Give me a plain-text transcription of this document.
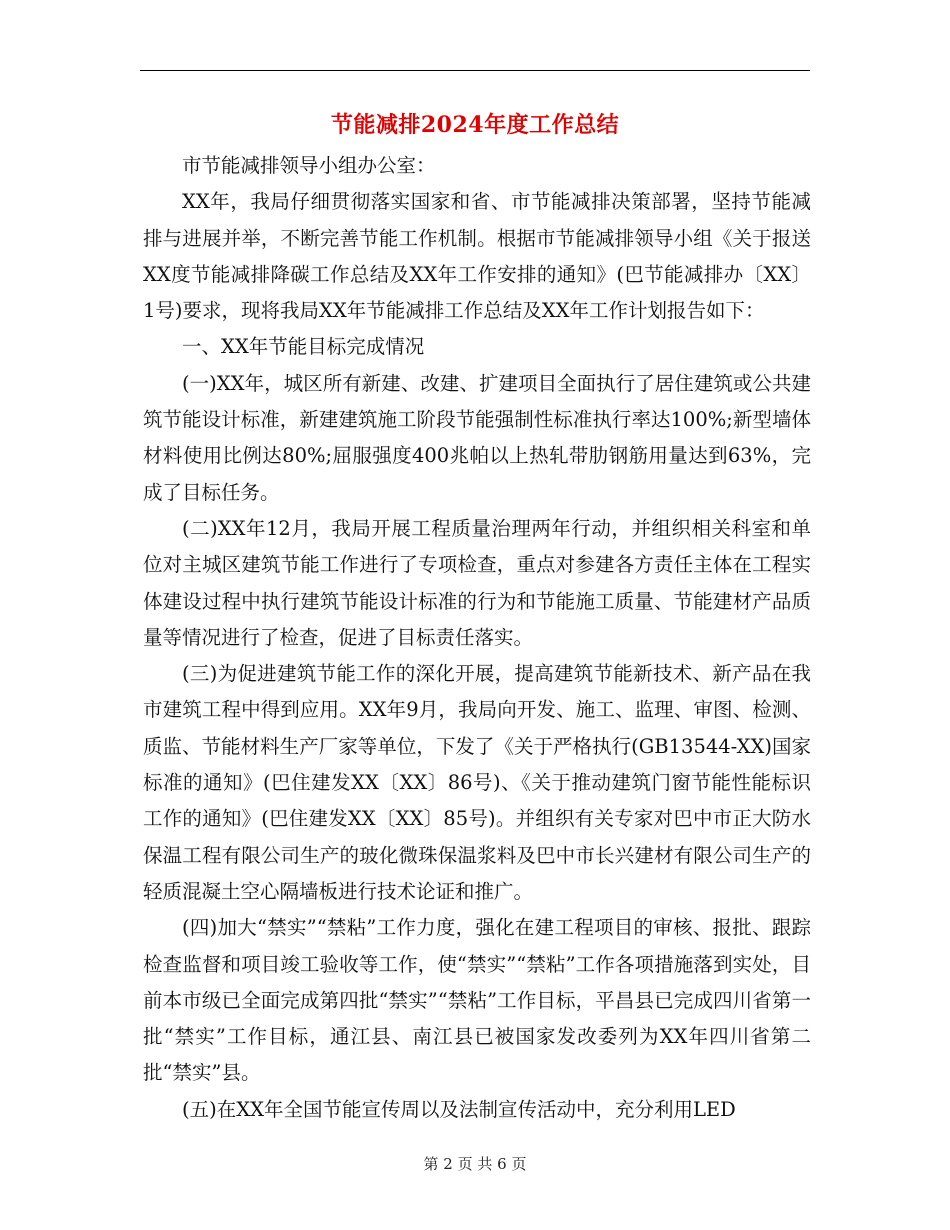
节能减排2024年度工作总结

市节能减排领导小组办公室：

XX年，我局仔细贯彻落实国家和省、市节能减排决策部署，坚持节能减排与进展并举，不断完善节能工作机制。根据市节能减排领导小组《关于报送XX度节能减排降碳工作总结及XX年工作安排的通知》(巴节能减排办〔XX〕1号)要求，现将我局XX年节能减排工作总结及XX年工作计划报告如下：

一、XX年节能目标完成情况

(一)XX年，城区所有新建、改建、扩建项目全面执行了居住建筑或公共建筑节能设计标准，新建建筑施工阶段节能强制性标准执行率达100%;新型墙体材料使用比例达80%;屈服强度400兆帕以上热轧带肋钢筋用量达到63%，完成了目标任务。

(二)XX年12月，我局开展工程质量治理两年行动，并组织相关科室和单位对主城区建筑节能工作进行了专项检查，重点对参建各方责任主体在工程实体建设过程中执行建筑节能设计标准的行为和节能施工质量、节能建材产品质量等情况进行了检查，促进了目标责任落实。

(三)为促进建筑节能工作的深化开展，提高建筑节能新技术、新产品在我市建筑工程中得到应用。XX年9月，我局向开发、施工、监理、审图、检测、质监、节能材料生产厂家等单位，下发了《关于严格执行(GB13544-XX)国家标准的通知》(巴住建发XX〔XX〕86号)、《关于推动建筑门窗节能性能标识工作的通知》(巴住建发XX〔XX〕85号)。并组织有关专家对巴中市正大防水保温工程有限公司生产的玻化微珠保温浆料及巴中市长兴建材有限公司生产的轻质混凝土空心隔墙板进行技术论证和推广。

(四)加大“禁实”“禁粘”工作力度，强化在建工程项目的审核、报批、跟踪检查监督和项目竣工验收等工作，使“禁实”“禁粘”工作各项措施落到实处，目前本市级已全面完成第四批“禁实”“禁粘”工作目标，平昌县已完成四川省第一批“禁实”工作目标，通江县、南江县已被国家发改委列为XX年四川省第二批“禁实”县。

(五)在XX年全国节能宣传周以及法制宣传活动中，充分利用LED

第 2 页 共 6 页
